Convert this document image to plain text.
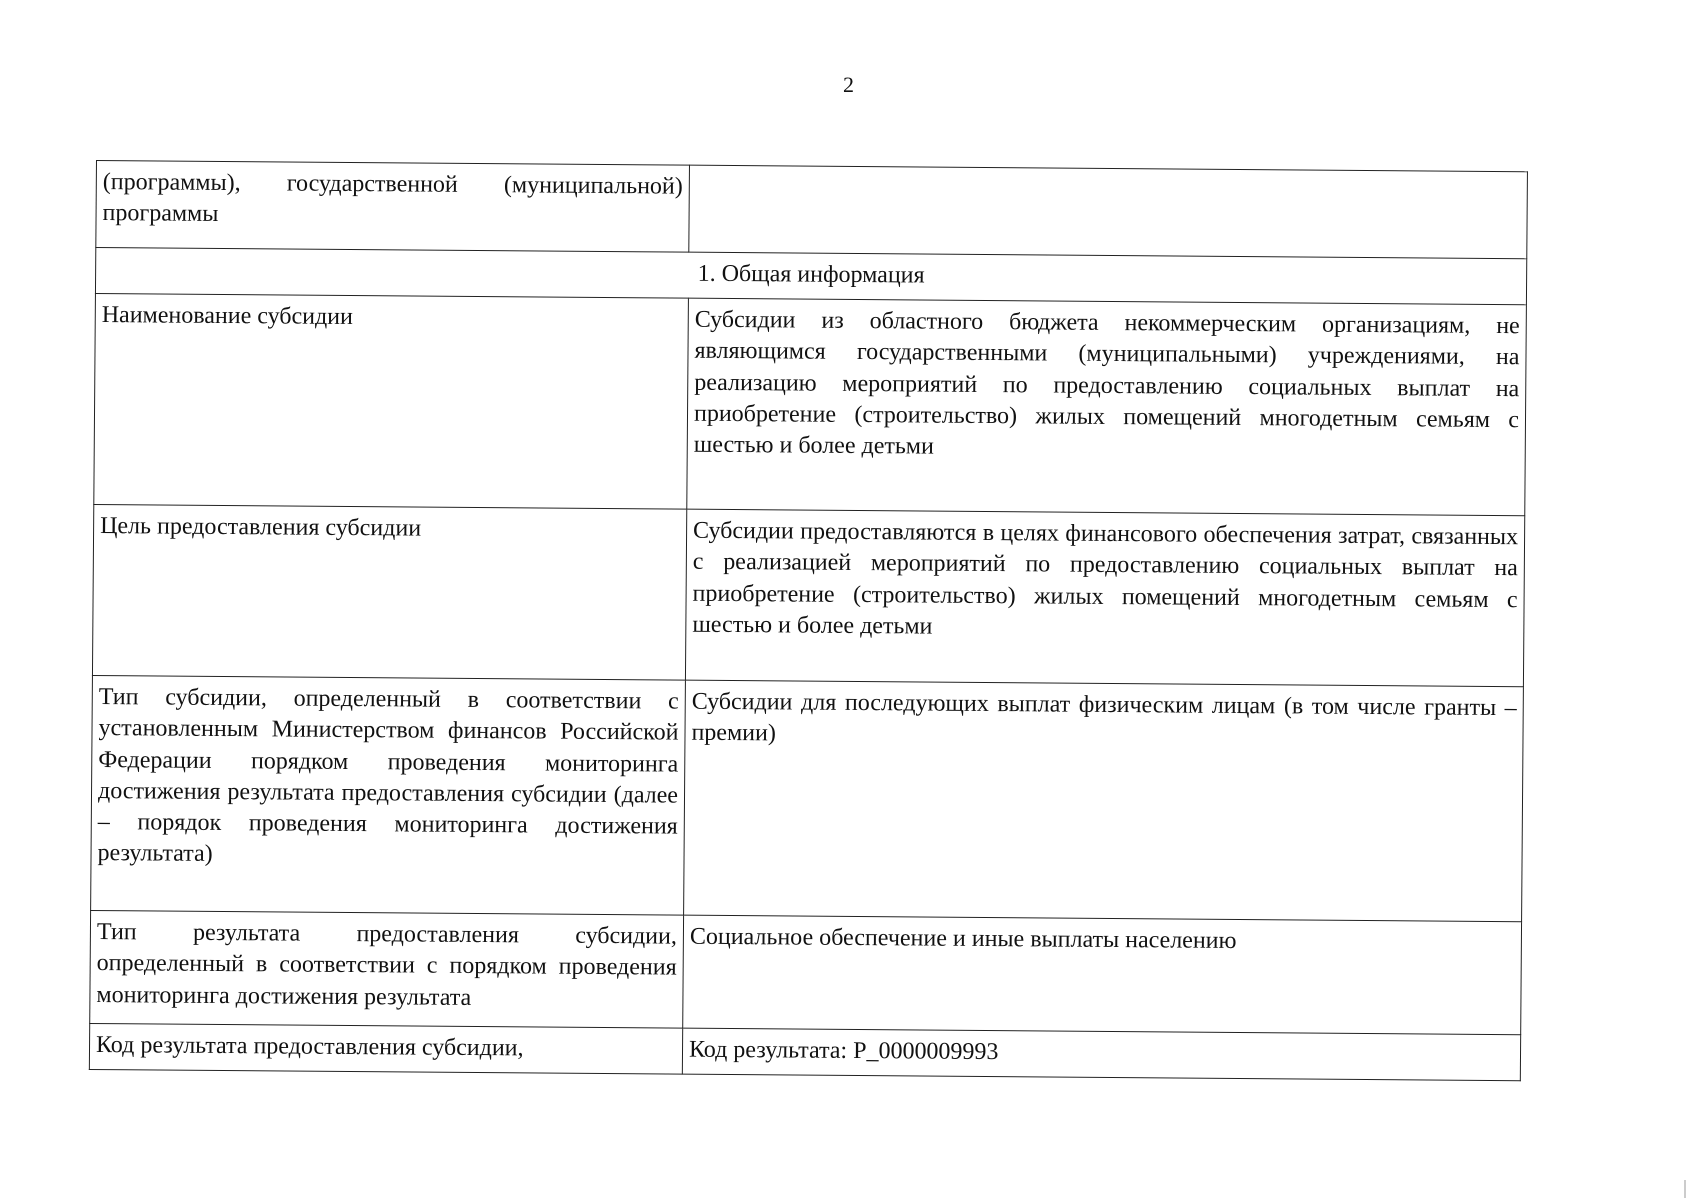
2
(программы), государственной (муниципальной) программы	
1. Общая информация	
Наименование субсидии	Субсидии из областного бюджета некоммерческим организациям, не являющимся государственными (муниципальными) учреждениями, на реализацию мероприятий по предоставлению социальных выплат на приобретение (строительство) жилых помещений многодетным семьям с шестью и более детьми
Цель предоставления субсидии	Субсидии предоставляются в целях финансового обеспечения затрат, связанных с реализацией мероприятий по предоставлению социальных выплат на приобретение (строительство) жилых помещений многодетным семьям с шестью и более детьми
Тип субсидии, определенный в соответствии с установленным Министерством финансов Российской Федерации порядком проведения мониторинга достижения результата предоставления субсидии (далее – порядок проведения мониторинга достижения результата)	Субсидии для последующих выплат физическим лицам (в том числе гранты – премии)
Тип результата предоставления субсидии, определенный в соответствии с порядком проведения мониторинга достижения результата	Социальное обеспечение и иные выплаты населению
Код результата предоставления субсидии,	Код результата: P_0000009993
